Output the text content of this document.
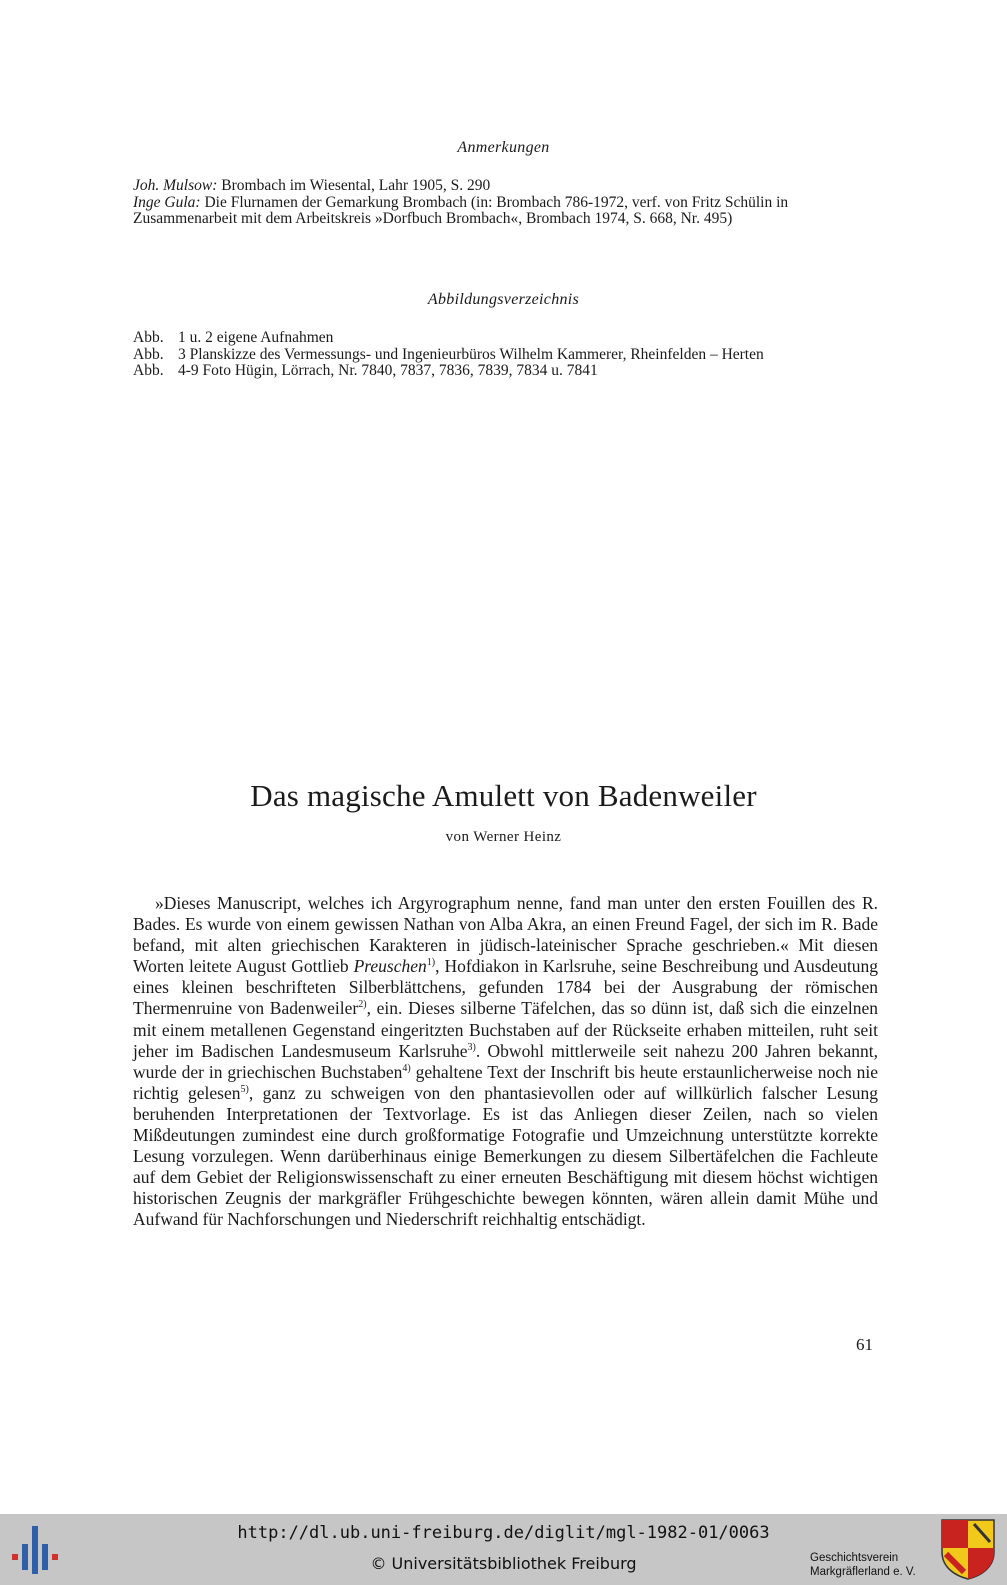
Anmerkungen
Joh. Mulsow: Brombach im Wiesental, Lahr 1905, S. 290
Inge Gula: Die Flurnamen der Gemarkung Brombach (in: Brombach 786-1972, verf. von Fritz Schülin in Zusammenarbeit mit dem Arbeitskreis »Dorfbuch Brombach«, Brombach 1974, S. 668, Nr. 495)
Abbildungsverzeichnis
Abb. 1 u. 2 eigene Aufnahmen
Abb. 3 Planskizze des Vermessungs- und Ingenieurbüros Wilhelm Kammerer, Rheinfelden – Herten
Abb. 4-9 Foto Hügin, Lörrach, Nr. 7840, 7837, 7836, 7839, 7834 u. 7841
Das magische Amulett von Badenweiler
von Werner Heinz
»Dieses Manuscript, welches ich Argyrographum nenne, fand man unter den ersten Fouillen des R. Bades. Es wurde von einem gewissen Nathan von Alba Akra, an einen Freund Fagel, der sich im R. Bade befand, mit alten griechischen Karakteren in jüdisch-lateinischer Sprache geschrieben.« Mit diesen Worten leitete August Gottlieb Preuschen$^{1)}$, Hofdiakon in Karlsruhe, seine Beschreibung und Ausdeutung eines kleinen beschrifteten Silberblättchens, gefunden 1784 bei der Ausgrabung der römischen Thermenruine von Badenweiler$^{2)}$, ein. Dieses silberne Täfelchen, das so dünn ist, daß sich die einzelnen mit einem metallenen Gegenstand eingeritzten Buchstaben auf der Rückseite erhaben mitteilen, ruht seit jeher im Badischen Landesmuseum Karlsruhe$^{3)}$. Obwohl mittlerweile seit nahezu 200 Jahren bekannt, wurde der in griechischen Buchstaben$^{4)}$ gehaltene Text der Inschrift bis heute erstaunlicherweise noch nie richtig gelesen$^{5)}$, ganz zu schweigen von den phantasievollen oder auf willkürlich falscher Lesung beruhenden Interpretationen der Textvorlage. Es ist das Anliegen dieser Zeilen, nach so vielen Mißdeutungen zumindest eine durch großformatige Fotografie und Umzeichnung unterstützte korrekte Lesung vorzulegen. Wenn darüberhinaus einige Bemerkungen zu diesem Silbertäfelchen die Fachleute auf dem Gebiet der Religionswissenschaft zu einer erneuten Beschäftigung mit diesem höchst wichtigen historischen Zeugnis der markgräfler Frühgeschichte bewegen könnten, wären allein damit Mühe und Aufwand für Nachforschungen und Niederschrift reichhaltig entschädigt.
61
http://dl.ub.uni-freiburg.de/diglit/mgl-1982-01/0063
© Universitätsbibliothek Freiburg	Geschichtsverein
Markgräflerland e. V.
